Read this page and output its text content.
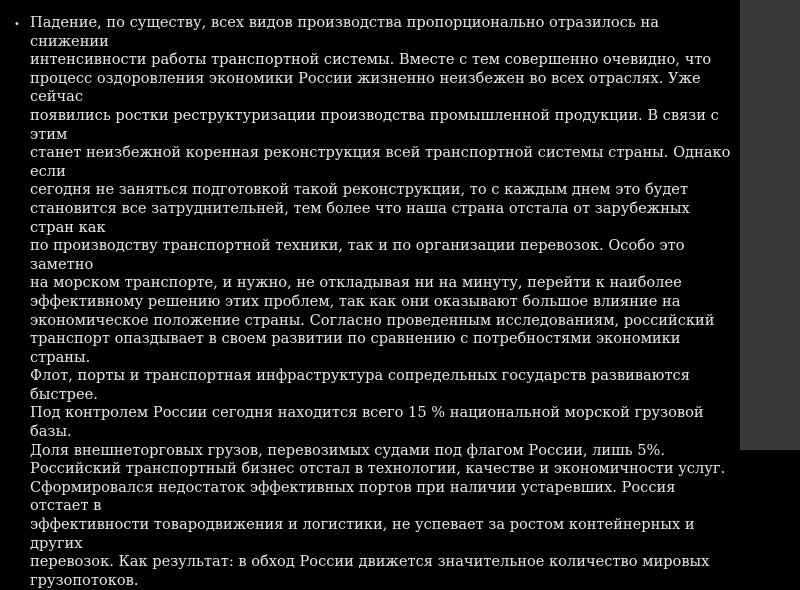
• Падение, по существу, всех видов производства пропорционально отразилось на снижении
интенсивности работы транспортной системы. Вместе с тем совершенно очевидно, что
процесс оздоровления экономики России жизненно неизбежен во всех отраслях. Уже сейчас
появились ростки реструктуризации производства промышленной продукции. В связи с этим
станет неизбежной коренная реконструкция всей транспортной системы страны. Однако если
сегодня не заняться подготовкой такой реконструкции, то с каждым днем это будет
становится все затруднительней, тем более что наша страна отстала от зарубежных стран как
по производству транспортной техники, так и по организации перевозок. Особо это заметно
на морском транспорте, и нужно, не откладывая ни на минуту, перейти к наиболее
эффективному решению этих проблем, так как они оказывают большое влияние на
экономическое положение страны. Согласно проведенным исследованиям, российский
транспорт опаздывает в своем развитии по сравнению с потребностями экономики страны.
Флот, порты и транспортная инфраструктура сопредельных государств развиваются быстрее.
Под контролем России сегодня находится всего 15 % национальной морской грузовой базы.
Доля внешнеторговых грузов, перевозимых судами под флагом России, лишь 5%.
Российский транспортный бизнес отстал в технологии, качестве и экономичности услуг.
Сформировался недостаток эффективных портов при наличии устаревших. Россия отстает в
эффективности товародвижения и логистики, не успевает за ростом контейнерных и других
перевозок. Как результат: в обход России движется значительное количество мировых
грузопотоков.
